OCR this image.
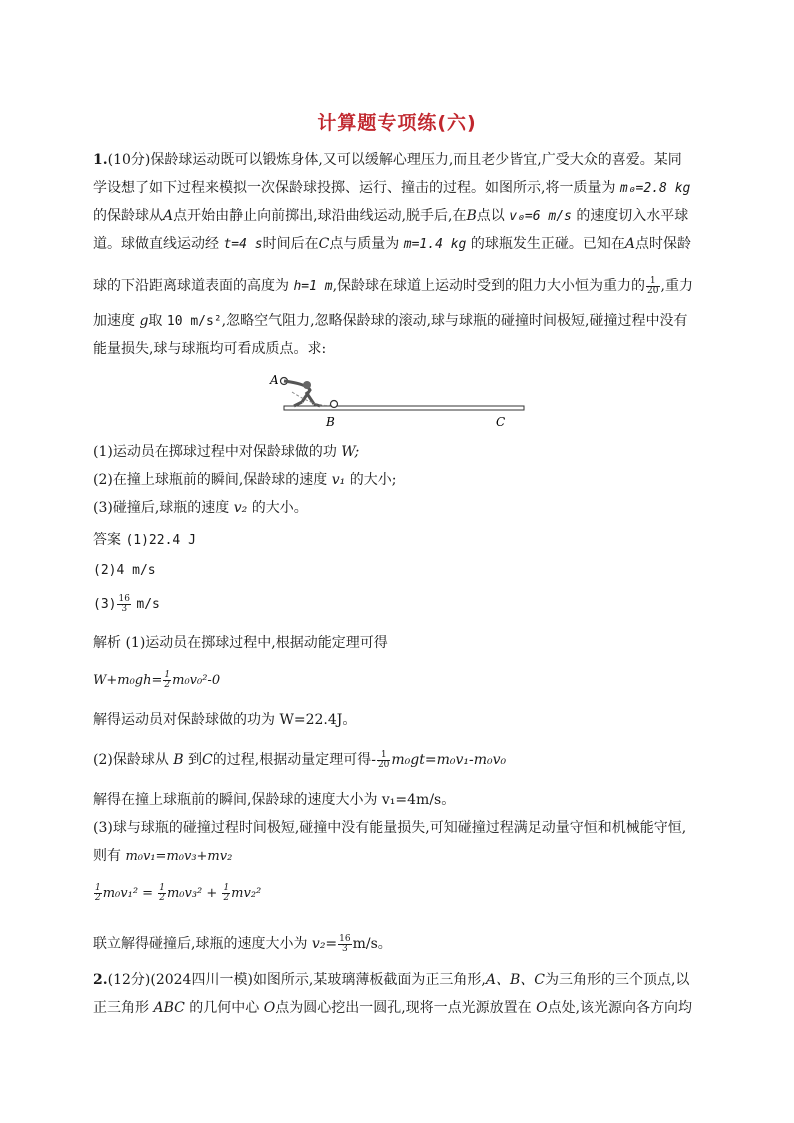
计算题专项练(六)
1.(10分)保龄球运动既可以锻炼身体,又可以缓解心理压力,而且老少皆宜,广受大众的喜爱。某同
学设想了如下过程来模拟一次保龄球投掷、运行、撞击的过程。如图所示,将一质量为 m₀=2.8 kg
的保龄球从A点开始由静止向前掷出,球沿曲线运动,脱手后,在B点以 v₀=6 m/s 的速度切入水平球
道。球做直线运动经 t=4 s时间后在C点与质量为 m=1.4 kg 的球瓶发生正碰。已知在A点时保龄
球的下沿距离球道表面的高度为 h=1 m,保龄球在球道上运动时受到的阻力大小恒为重力的 $\frac{1}{20}$ ,重力
加速度 g取 10 m/s²,忽略空气阻力,忽略保龄球的滚动,球与球瓶的碰撞时间极短,碰撞过程中没有
能量损失,球与球瓶均可看成质点。求:
A
B	C
(1)运动员在掷球过程中对保龄球做的功 W;
(2)在撞上球瓶前的瞬间,保龄球的速度 v₁ 的大小;
(3)碰撞后,球瓶的速度 v₂ 的大小。
答案 (1)22.4 J
(2)4 m/s
$(3) \frac{16}{3} m/s$
解析 (1)运动员在掷球过程中,根据动能定理可得
$W+m_0gh= \frac{1}{2} m_0v_0^2-0$
解得运动员对保龄球做的功为 W=22.4J。
(2)保龄球从 B 到C的过程,根据动量定理可得- $\frac{1}{20} m_0gt=m_0v_1-m_0v_0$
解得在撞上球瓶前的瞬间,保龄球的速度大小为 v₁=4m/s。
(3)球与球瓶的碰撞过程时间极短,碰撞中没有能量损失,可知碰撞过程满足动量守恒和机械能守恒,
则有 m₀v₁=m₀v₃+mv₂
$\frac{1}{2} m_0v_1^2 = \frac{1}{2} m_0v_3^2 + \frac{1}{2} mv_2^2$
联立解得碰撞后,球瓶的速度大小为 $v_2= \frac{16}{3} m/s$。
2.(12分)(2024四川一模)如图所示,某玻璃薄板截面为正三角形,A、B、C为三角形的三个顶点,以
正三角形 ABC 的几何中心 O点为圆心挖出一圆孔,现将一点光源放置在 O点处,该光源向各方向均
